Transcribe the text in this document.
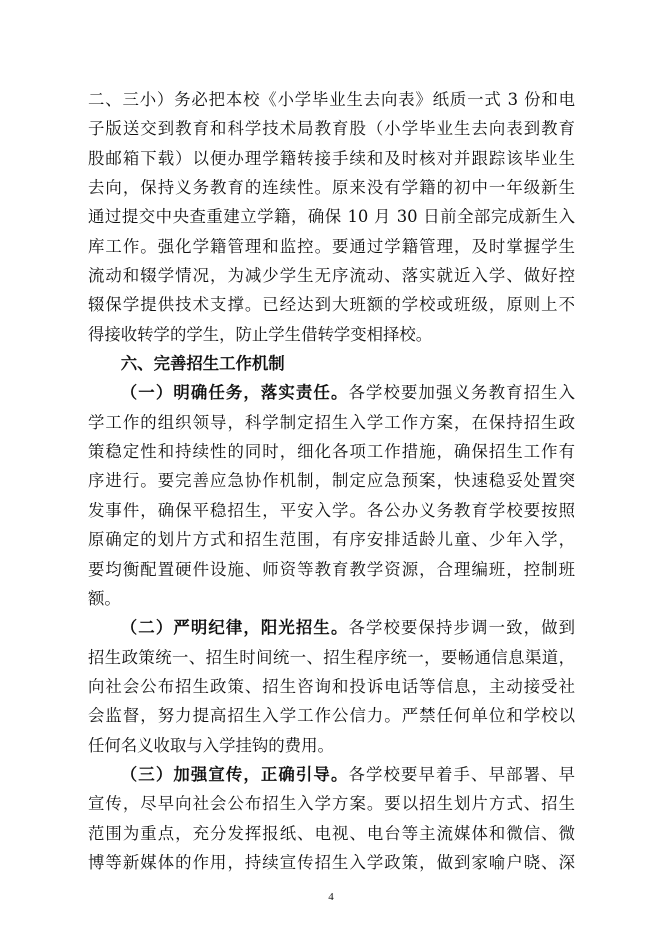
二、三小）务必把本校《小学毕业生去向表》纸质一式 3 份和电
子版送交到教育和科学技术局教育股（小学毕业生去向表到教育
股邮箱下载）以便办理学籍转接手续和及时核对并跟踪该毕业生
去向，保持义务教育的连续性。原来没有学籍的初中一年级新生
通过提交中央查重建立学籍，确保 10 月 30 日前全部完成新生入
库工作。强化学籍管理和监控。要通过学籍管理，及时掌握学生
流动和辍学情况，为减少学生无序流动、落实就近入学、做好控
辍保学提供技术支撑。已经达到大班额的学校或班级，原则上不
得接收转学的学生，防止学生借转学变相择校。
六、完善招生工作机制
（一）明确任务，落实责任。各学校要加强义务教育招生入
学工作的组织领导，科学制定招生入学工作方案，在保持招生政
策稳定性和持续性的同时，细化各项工作措施，确保招生工作有
序进行。要完善应急协作机制，制定应急预案，快速稳妥处置突
发事件，确保平稳招生，平安入学。各公办义务教育学校要按照
原确定的划片方式和招生范围，有序安排适龄儿童、少年入学，
要均衡配置硬件设施、师资等教育教学资源，合理编班，控制班
额。
（二）严明纪律，阳光招生。各学校要保持步调一致，做到
招生政策统一、招生时间统一、招生程序统一，要畅通信息渠道，
向社会公布招生政策、招生咨询和投诉电话等信息，主动接受社
会监督，努力提高招生入学工作公信力。严禁任何单位和学校以
任何名义收取与入学挂钩的费用。
（三）加强宣传，正确引导。各学校要早着手、早部署、早
宣传，尽早向社会公布招生入学方案。要以招生划片方式、招生
范围为重点，充分发挥报纸、电视、电台等主流媒体和微信、微
博等新媒体的作用，持续宣传招生入学政策，做到家喻户晓、深
4
